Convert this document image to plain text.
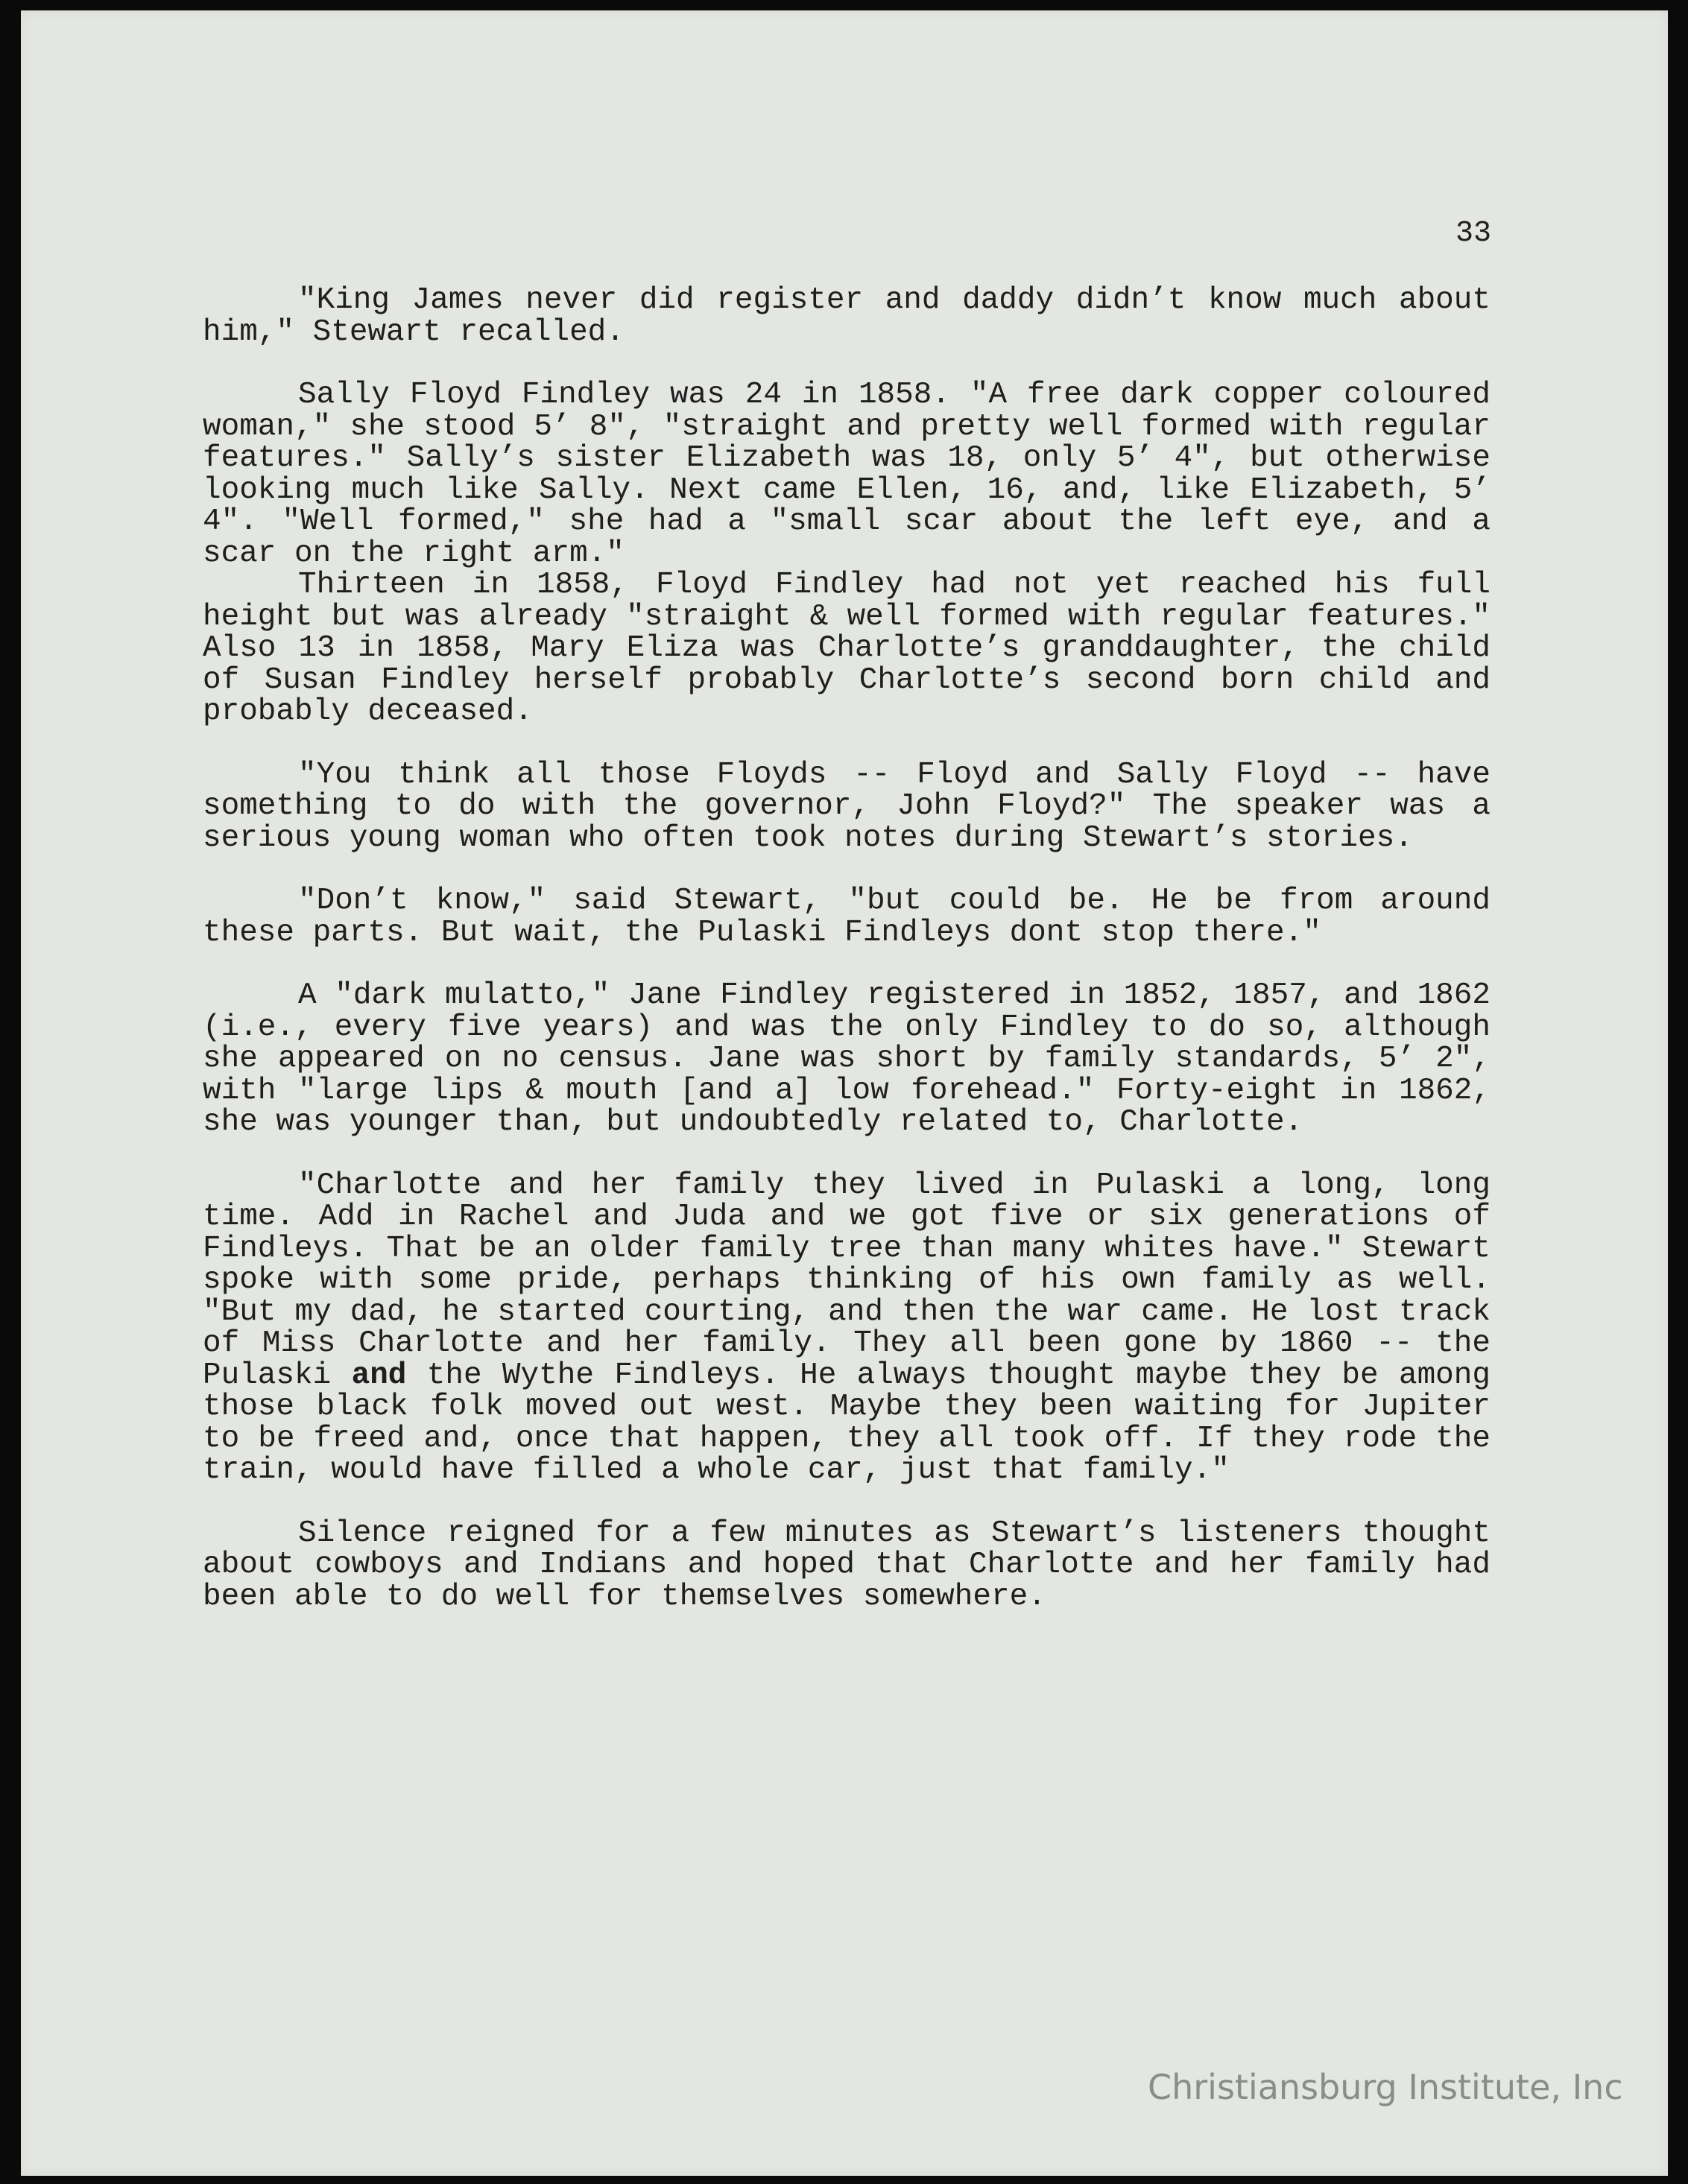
33

"King James never did register and daddy didn’t know much about him," Stewart recalled.

Sally Floyd Findley was 24 in 1858. "A free dark copper coloured woman," she stood 5’ 8", "straight and pretty well formed with regular features." Sally’s sister Elizabeth was 18, only 5’ 4", but otherwise looking much like Sally. Next came Ellen, 16, and, like Elizabeth, 5’ 4". "Well formed," she had a "small scar about the left eye, and a scar on the right arm."

Thirteen in 1858, Floyd Findley had not yet reached his full height but was already "straight & well formed with regular features." Also 13 in 1858, Mary Eliza was Charlotte’s granddaughter, the child of Susan Findley herself probably Charlotte’s second born child and probably deceased.

"You think all those Floyds -- Floyd and Sally Floyd -- have something to do with the governor, John Floyd?" The speaker was a serious young woman who often took notes during Stewart’s stories.

"Don’t know," said Stewart, "but could be. He be from around these parts. But wait, the Pulaski Findleys dont stop there."

A "dark mulatto," Jane Findley registered in 1852, 1857, and 1862 (i.e., every five years) and was the only Findley to do so, although she appeared on no census. Jane was short by family standards, 5’ 2", with "large lips & mouth [and a] low forehead." Forty-eight in 1862, she was younger than, but undoubtedly related to, Charlotte.

"Charlotte and her family they lived in Pulaski a long, long time. Add in Rachel and Juda and we got five or six generations of Findleys. That be an older family tree than many whites have." Stewart spoke with some pride, perhaps thinking of his own family as well. "But my dad, he started courting, and then the war came. He lost track of Miss Charlotte and her family. They all been gone by 1860 -- the Pulaski and the Wythe Findleys. He always thought maybe they be among those black folk moved out west. Maybe they been waiting for Jupiter to be freed and, once that happen, they all took off. If they rode the train, would have filled a whole car, just that family."

Silence reigned for a few minutes as Stewart’s listeners thought about cowboys and Indians and hoped that Charlotte and her family had been able to do well for themselves somewhere.

Christiansburg Institute, Inc
